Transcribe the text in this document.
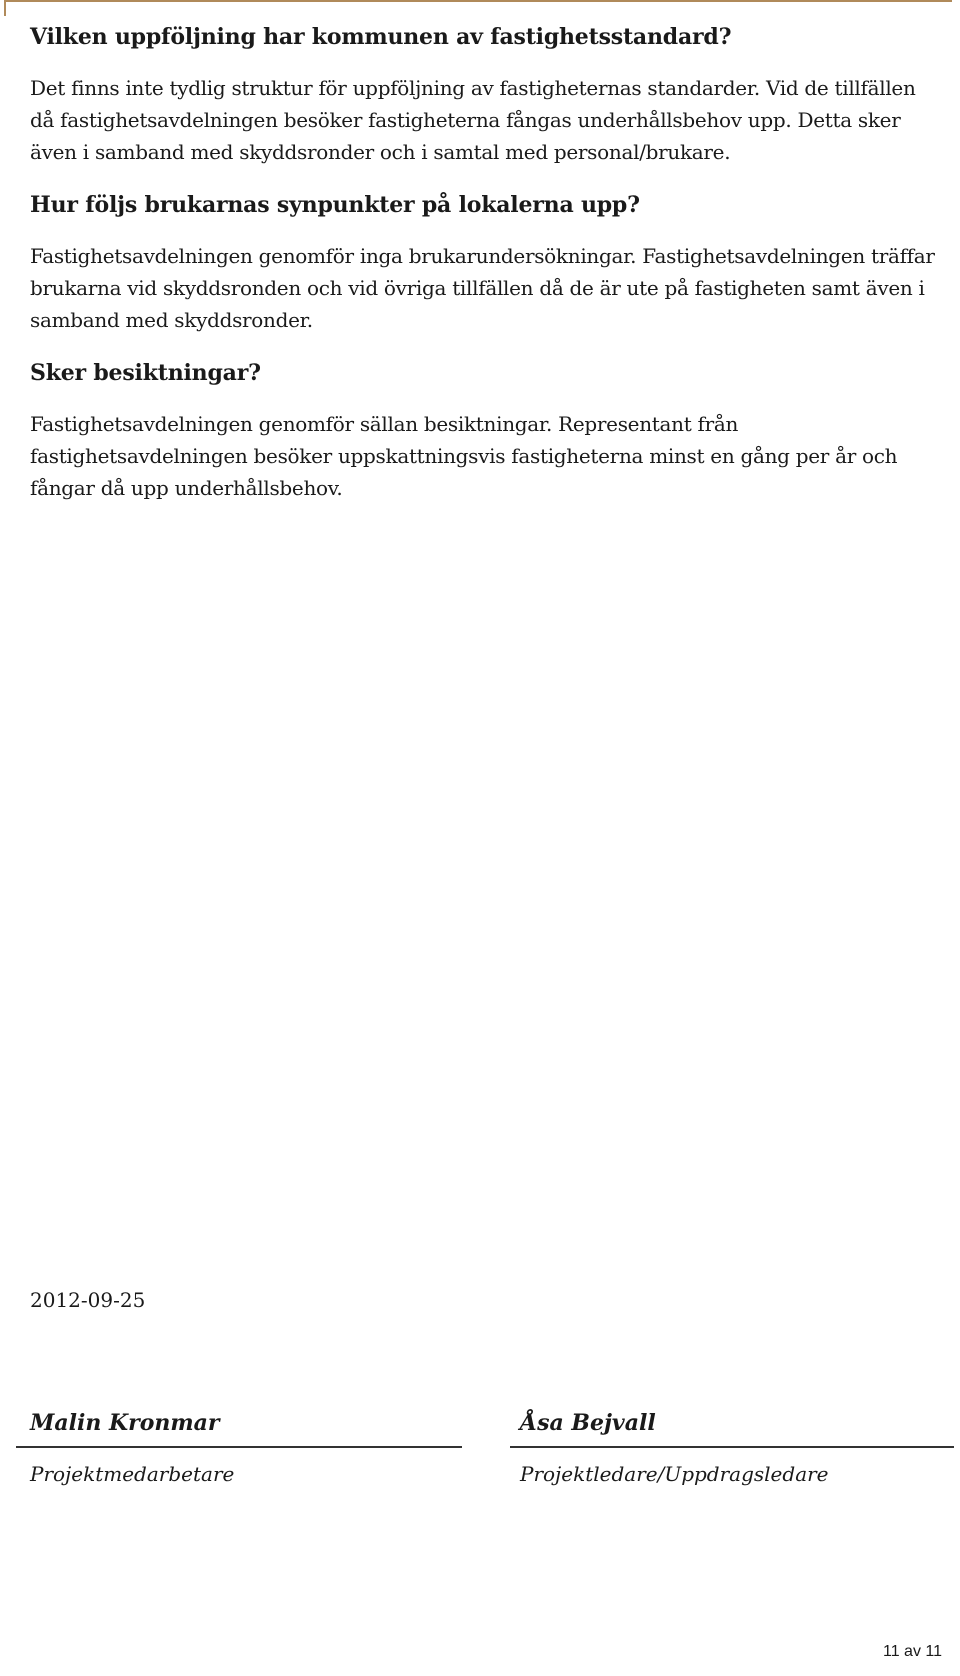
Vilken uppföljning har kommunen av fastighetsstandard?

Det finns inte tydlig struktur för uppföljning av fastigheternas standarder. Vid de tillfällen då fastighetsavdelningen besöker fastigheterna fångas underhållsbehov upp. Detta sker även i samband med skyddsronder och i samtal med personal/brukare.

Hur följs brukarnas synpunkter på lokalerna upp?

Fastighetsavdelningen genomför inga brukarundersökningar. Fastighetsavdelningen träffar brukarna vid skyddsronden och vid övriga tillfällen då de är ute på fastigheten samt även i samband med skyddsronder.

Sker besiktningar?

Fastighetsavdelningen genomför sällan besiktningar. Representant från fastighetsavdelningen besöker uppskattningsvis fastigheterna minst en gång per år och fångar då upp underhållsbehov.

2012-09-25
Malin Kronmar
Projektmedarbetare
Åsa Bejvall
Projektledare/Uppdragsledare
11 av 11
